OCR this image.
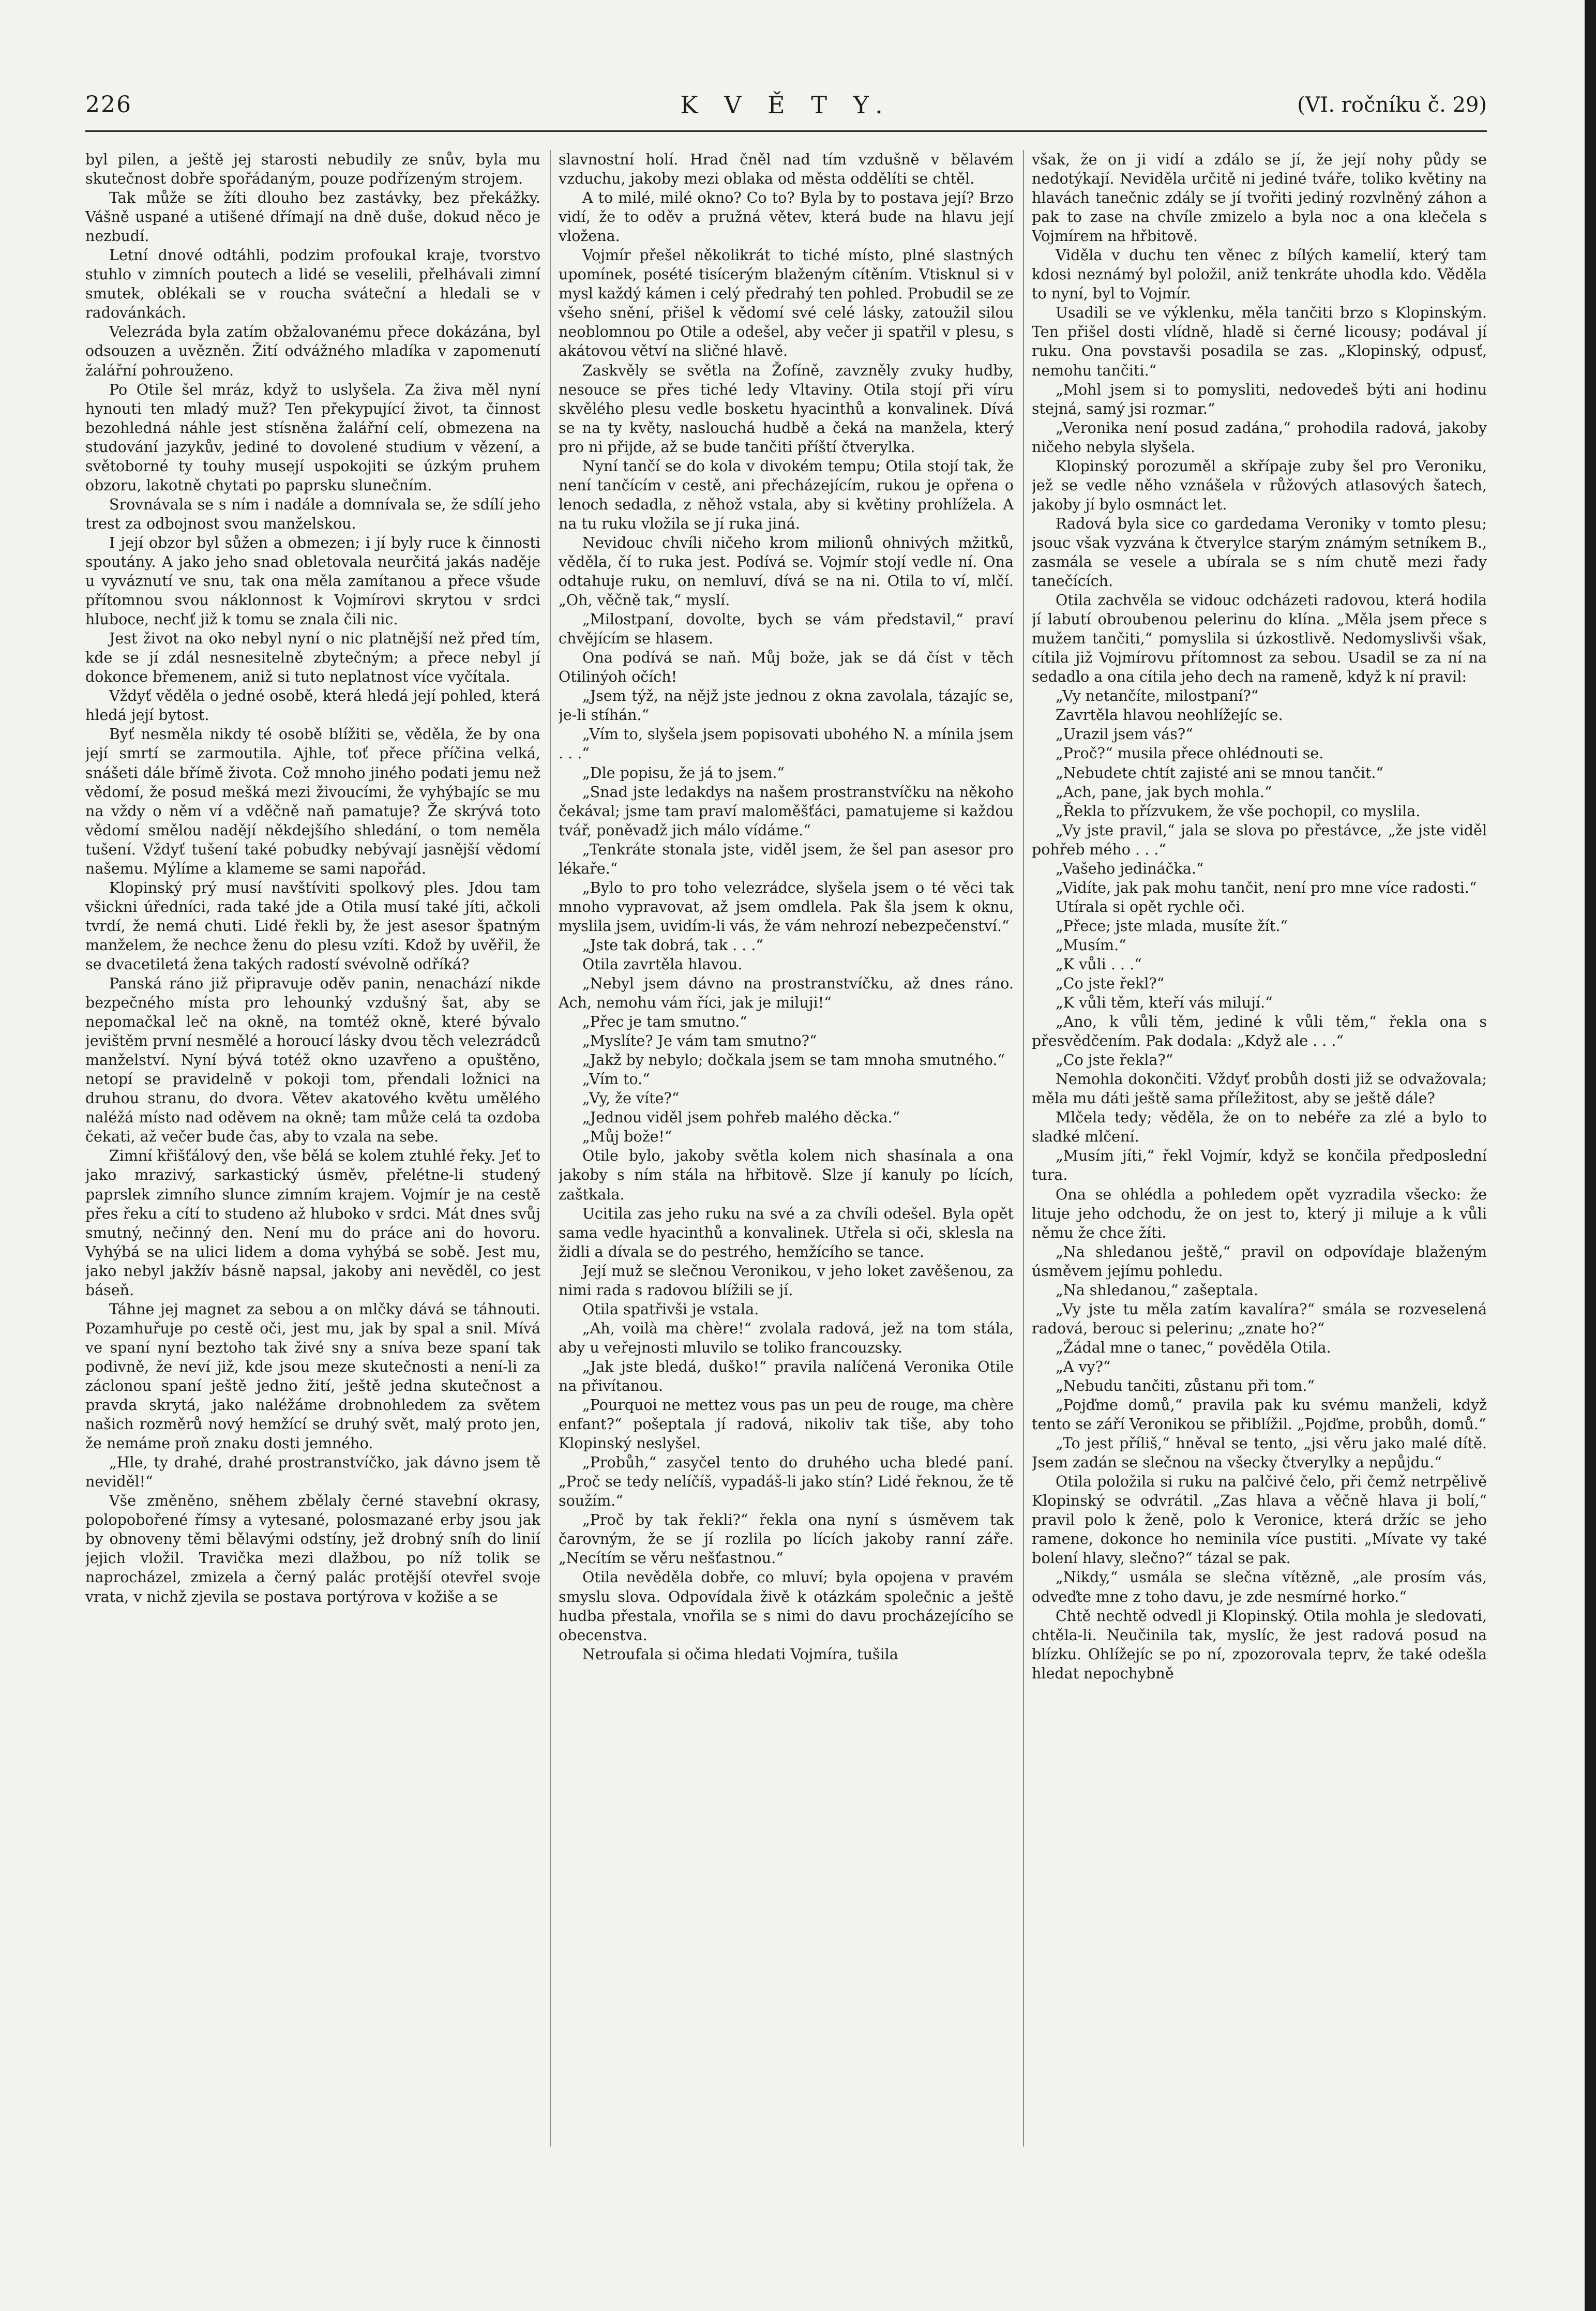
226	K V Ě T Y.	(VI. ročníku č. 29)

byl pilen, a ještě jej starosti nebudily ze snův, byla mu skutečnost dobře spořádaným, pouze podřízeným strojem.

Tak může se žíti dlouho bez zastávky, bez překážky. Vášně uspané a utišené dřímají na dně duše, dokud něco je nezbudí.

Letní dnové odtáhli, podzim profoukal kraje, tvorstvo stuhlo v zimních poutech a lidé se veselili, přelhávali zimní smutek, oblékali se v roucha sváteční a hledali se v radovánkách.

Velezráda byla zatím obžalovanému přece dokázána, byl odsouzen a uvězněn. Žití odvážného mladíka v zapomenutí žalářní pohrouženo.

Po Otile šel mráz, když to uslyšela. Za živa měl nyní hynouti ten mladý muž? Ten překypující život, ta činnost bezohledná náhle jest stísněna žalářní celí, obmezena na studování jazykův, jediné to dovolené studium v vězení, a světoborné ty touhy musejí uspokojiti se úzkým pruhem obzoru, lakotně chytati po paprsku slunečním.

Srovnávala se s ním i nadále a domnívala se, že sdílí jeho trest za odbojnost svou manželskou.

I její obzor byl sůžen a obmezen; i jí byly ruce k činnosti spoutány. A jako jeho snad obletovala neurčitá jakás naděje u vyváznutí ve snu, tak ona měla zamítanou a přece všude přítomnou svou náklonnost k Vojmírovi skrytou v srdci hluboce, nechť již k tomu se znala čili nic.

Jest život na oko nebyl nyní o nic platnější než před tím, kde se jí zdál nesnesitelně zbytečným; a přece nebyl jí dokonce břemenem, aniž si tuto neplatnost více vyčítala.

Vždyť věděla o jedné osobě, která hledá její pohled, která hledá její bytost.

Byť nesměla nikdy té osobě blížiti se, věděla, že by ona její smrtí se zarmoutila. Ajhle, toť přece příčina velká, snášeti dále břímě života. Což mnoho jiného podati jemu než vědomí, že posud mešká mezi živoucími, že vyhýbajíc se mu na vždy o něm ví a vděčně naň pamatuje? Že skrývá toto vědomí smělou nadějí někdejšího shledání, o tom neměla tušení. Vždyť tušení také pobudky nebývají jasnější vědomí našemu. Mýlíme a klameme se sami napořád.

Klopinský prý musí navštíviti spolkový ples. Jdou tam všickni úředníci, rada také jde a Otila musí také jíti, ačkoli tvrdí, že nemá chuti. Lidé řekli by, že jest asesor špatným manželem, že nechce ženu do plesu vzíti. Kdož by uvěřil, že se dvacetiletá žena takých radostí svévolně odříká?

Panská ráno již připravuje oděv panin, nenachází nikde bezpečného místa pro lehounký vzdušný šat, aby se nepomačkal leč na okně, na tomtéž okně, které bývalo jevištěm první nesmělé a horoucí lásky dvou těch velezrádců manželství. Nyní bývá totéž okno uzavřeno a opuštěno, netopí se pravidelně v pokoji tom, přendali ložnici na druhou stranu, do dvora. Větev akatového květu umělého naléžá místo nad oděvem na okně; tam může celá ta ozdoba čekati, až večer bude čas, aby to vzala na sebe.

Zimní křišťálový den, vše bělá se kolem ztuhlé řeky. Jeť to jako mrazivý, sarkastický úsměv, přelétne-li studený paprslek zimního slunce zimním krajem. Vojmír je na cestě přes řeku a cítí to studeno až hluboko v srdci. Mát dnes svůj smutný, nečinný den. Není mu do práce ani do hovoru. Vyhýbá se na ulici lidem a doma vyhýbá se sobě. Jest mu, jako nebyl jakžív básně napsal, jakoby ani nevěděl, co jest báseň.

Táhne jej magnet za sebou a on mlčky dává se táhnouti. Pozamhuřuje po cestě oči, jest mu, jak by spal a snil. Mívá ve spaní nyní beztoho tak živé sny a sníva beze spaní tak podivně, že neví již, kde jsou meze skutečnosti a není-li za záclonou spaní ještě jedno žití, ještě jedna skutečnost a pravda skrytá, jako naléžáme drobnohledem za světem našich rozměrů nový hemžící se druhý svět, malý proto jen, že nemáme proň znaku dosti jemného.

„Hle, ty drahé, drahé prostranstvíčko, jak dávno jsem tě neviděl!“

Vše změněno, sněhem zbělaly černé stavební okrasy, polopobořené římsy a vytesané, polosmazané erby jsou jak by obnoveny těmi bělavými odstíny, jež drobný sníh do linií jejich vložil. Travička mezi dlažbou, po níž tolik se naprocházel, zmizela a černý palác protější otevřel svoje vrata, v nichž zjevila se postava portýrova v kožiše a se

slavnostní holí. Hrad čněl nad tím vzdušně v bělavém vzduchu, jakoby mezi oblaka od města oddělíti se chtěl.

A to milé, milé okno? Co to? Byla by to postava její? Brzo vidí, že to oděv a pružná větev, která bude na hlavu její vložena.

Vojmír přešel několikrát to tiché místo, plné slastných upomínek, posété tisícerým blaženým cítěním. Vtisknul si v mysl každý kámen i celý předrahý ten pohled. Probudil se ze všeho snění, přišel k vědomí své celé lásky, zatoužil silou neoblomnou po Otile a odešel, aby večer ji spatřil v plesu, s akátovou větví na sličné hlavě.

Zaskvěly se světla na Žofíně, zavzněly zvuky hudby, nesouce se přes tiché ledy Vltaviny. Otila stojí při víru skvělého plesu vedle bosketu hyacinthů a konvalinek. Dívá se na ty květy, naslouchá hudbě a čeká na manžela, který pro ni přijde, až se bude tančiti příští čtverylka.

Nyní tančí se do kola v divokém tempu; Otila stojí tak, že není tančícím v cestě, ani přecházejícím, rukou je opřena o lenoch sedadla, z něhož vstala, aby si květiny prohlížela. A na tu ruku vložila se jí ruka jiná.

Nevidouc chvíli ničeho krom milionů ohnivých mžitků, věděla, čí to ruka jest. Podívá se. Vojmír stojí vedle ní. Ona odtahuje ruku, on nemluví, dívá se na ni. Otila to ví, mlčí. „Oh, věčně tak,“ myslí.

„Milostpaní, dovolte, bych se vám představil,“ praví chvějícím se hlasem.

Ona podívá se naň. Můj bože, jak se dá číst v těch Otilinýoh očích!

„Jsem týž, na nějž jste jednou z okna zavolala, tázajíc se, je-li stíhán.“

„Vím to, slyšela jsem popisovati ubohého N. a mínila jsem . . .“

„Dle popisu, že já to jsem.“

„Snad jste ledakdys na našem prostranstvíčku na někoho čekával; jsme tam praví maloměšťáci, pamatujeme si každou tvář, poněvadž jich málo vídáme.“

„Tenkráte stonala jste, viděl jsem, že šel pan asesor pro lékaře.“

„Bylo to pro toho velezrádce, slyšela jsem o té věci tak mnoho vypravovat, až jsem omdlela. Pak šla jsem k oknu, myslila jsem, uvidím-li vás, že vám nehrozí nebezpečenství.“

„Jste tak dobrá, tak . . .“

Otila zavrtěla hlavou.

„Nebyl jsem dávno na prostranstvíčku, až dnes ráno. Ach, nemohu vám říci, jak je miluji!“

„Přec je tam smutno.“

„Myslíte? Je vám tam smutno?“

„Jakž by nebylo; dočkala jsem se tam mnoha smutného.“

„Vím to.“

„Vy, že víte?“

„Jednou viděl jsem pohřeb malého děcka.“

„Můj bože!“

Otile bylo, jakoby světla kolem nich shasínala a ona jakoby s ním stála na hřbitově. Slze jí kanuly po lících, zaštkala.

Ucitila zas jeho ruku na své a za chvíli odešel. Byla opět sama vedle hyacinthů a konvalinek. Utřela si oči, sklesla na židli a dívala se do pestrého, hemžícího se tance.

Její muž se slečnou Veronikou, v jeho loket zavěšenou, za nimi rada s radovou blížili se jí.

Otila spatřivši je vstala.

„Ah, voilà ma chère!“ zvolala radová, jež na tom stála, aby u veřejnosti mluvilo se toliko francouzsky.

„Jak jste bledá, duško!“ pravila nalíčená Veronika Otile na přivítanou.

„Pourquoi ne mettez vous pas un peu de rouge, ma chère enfant?“ pošeptala jí radová, nikoliv tak tiše, aby toho Klopinský neslyšel.

„Probůh,“ zasyčel tento do druhého ucha bledé paní. „Proč se tedy nelíčíš, vypadáš-li jako stín? Lidé řeknou, že tě soužím.“

„Proč by tak řekli?“ řekla ona nyní s úsměvem tak čarovným, že se jí rozlila po lících jakoby ranní záře. „Necítím se věru nešťastnou.“

Otila nevěděla dobře, co mluví; byla opojena v pravém smyslu slova. Odpovídala živě k otázkám společnic a ještě hudba přestala, vnořila se s nimi do davu procházejícího se obecenstva.

Netroufala si očima hledati Vojmíra, tušila

však, že on ji vidí a zdálo se jí, že její nohy půdy se nedotýkají. Neviděla určitě ni jediné tváře, toliko květiny na hlavách tanečnic zdály se jí tvořiti jediný rozvlněný záhon a pak to zase na chvíle zmizelo a byla noc a ona klečela s Vojmírem na hřbitově.

Viděla v duchu ten věnec z bílých kamelií, který tam kdosi neznámý byl položil, aniž tenkráte uhodla kdo. Věděla to nyní, byl to Vojmír.

Usadili se ve výklenku, měla tančiti brzo s Klopinským. Ten přišel dosti vlídně, hladě si černé licousy; podával jí ruku. Ona povstavši posadila se zas. „Klopinský, odpusť, nemohu tančiti.“

„Mohl jsem si to pomysliti, nedovedeš býti ani hodinu stejná, samý jsi rozmar.“

„Veronika není posud zadána,“ prohodila radová, jakoby ničeho nebyla slyšela.

Klopinský porozuměl a skřípaje zuby šel pro Veroniku, jež se vedle něho vznášela v růžových atlasových šatech, jakoby jí bylo osmnáct let.

Radová byla sice co gardedama Veroniky v tomto plesu; jsouc však vyzvána k čtverylce starým známým setníkem B., zasmála se vesele a ubírala se s ním chutě mezi řady tanečících.

Otila zachvěla se vidouc odcházeti radovou, která hodila jí labutí obroubenou pelerinu do klína. „Měla jsem přece s mužem tančiti,“ pomyslila si úzkostlivě. Nedomyslivši však, cítila již Vojmírovu přítomnost za sebou. Usadil se za ní na sedadlo a ona cítila jeho dech na rameně, když k ní pravil:

„Vy netančíte, milostpaní?“

Zavrtěla hlavou neohlížejíc se.

„Urazil jsem vás?“

„Proč?“ musila přece ohlédnouti se.

„Nebudete chtít zajisté ani se mnou tančit.“

„Ach, pane, jak bych mohla.“

„Řekla to přízvukem, že vše pochopil, co myslila.

„Vy jste pravil,“ jala se slova po přestávce, „že jste viděl pohřeb mého . . .“

„Vašeho jedináčka.“

„Vidíte, jak pak mohu tančit, není pro mne více radosti.“

Utírala si opět rychle oči.

„Přece; jste mlada, musíte žít.“

„Musím.“

„K vůli . . .“

„Co jste řekl?“

„K vůli těm, kteří vás milují.“

„Ano, k vůli těm, jediné k vůli těm,“ řekla ona s přesvědčením. Pak dodala: „Když ale . . .“

„Co jste řekla?“

Nemohla dokončiti. Vždyť probůh dosti již se odvažovala; měla mu dáti ještě sama příležitost, aby se ještě dále?

Mlčela tedy; věděla, že on to nebéře za zlé a bylo to sladké mlčení.

„Musím jíti,“ řekl Vojmír, když se končila předposlední tura.

Ona se ohlédla a pohledem opět vyzradila všecko: že lituje jeho odchodu, že on jest to, který ji miluje a k vůli němu že chce žíti.

„Na shledanou ještě,“ pravil on odpovídaje blaženým úsměvem jejímu pohledu.

„Na shledanou,“ zašeptala.

„Vy jste tu měla zatím kavalíra?“ smála se rozveselená radová, berouc si pelerinu; „znate ho?“

„Žádal mne o tanec,“ pověděla Otila.

„A vy?“

„Nebudu tančiti, zůstanu při tom.“

„Pojďme domů,“ pravila pak ku svému manželi, když tento se září Veronikou se přiblížil. „Pojďme, probůh, domů.“

„To jest příliš,“ hněval se tento, „jsi věru jako malé dítě. Jsem zadán se slečnou na všecky čtverylky a nepůjdu.“

Otila položila si ruku na palčivé čelo, při čemž netrpělivě Klopinský se odvrátil. „Zas hlava a věčně hlava ji bolí,“ pravil polo k ženě, polo k Veronice, která držíc se jeho ramene, dokonce ho neminila více pustiti. „Mívate vy také bolení hlavy, slečno?“ tázal se pak.

„Nikdy,“ usmála se slečna vítězně, „ale prosím vás, odveďte mne z toho davu, je zde nesmírné horko.“

Chtě nechtě odvedl ji Klopinský. Otila mohla je sledovati, chtěla-li. Neučinila tak, myslíc, že jest radová posud na blízku. Ohlížejíc se po ní, zpozorovala teprv, že také odešla hledat nepochybně
